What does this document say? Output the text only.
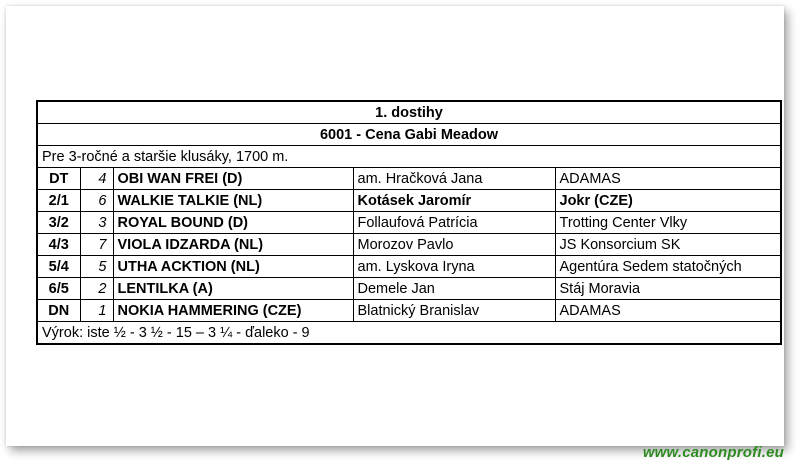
1. dostihy				
6001 - Cena Gabi Meadow				
Pre 3-ročné a staršie klusáky, 1700 m.				
DT	4	OBI WAN FREI (D)	am. Hračková Jana	ADAMAS
2/1	6	WALKIE TALKIE (NL)	Kotásek Jaromír	Jokr (CZE)
3/2	3	ROYAL BOUND (D)	Follaufová Patrícia	Trotting Center Vlky
4/3	7	VIOLA IDZARDA (NL)	Morozov Pavlo	JS Konsorcium SK
5/4	5	UTHA ACKTION (NL)	am. Lyskova Iryna	Agentúra Sedem statočných
6/5	2	LENTILKA (A)	Demele Jan	Stáj Moravia
DN	1	NOKIA HAMMERING (CZE)	Blatnický Branislav	ADAMAS
Výrok: iste ½ - 3 ½ - 15 – 3 ¼ - ďaleko - 9				
www.canonprofi.eu
